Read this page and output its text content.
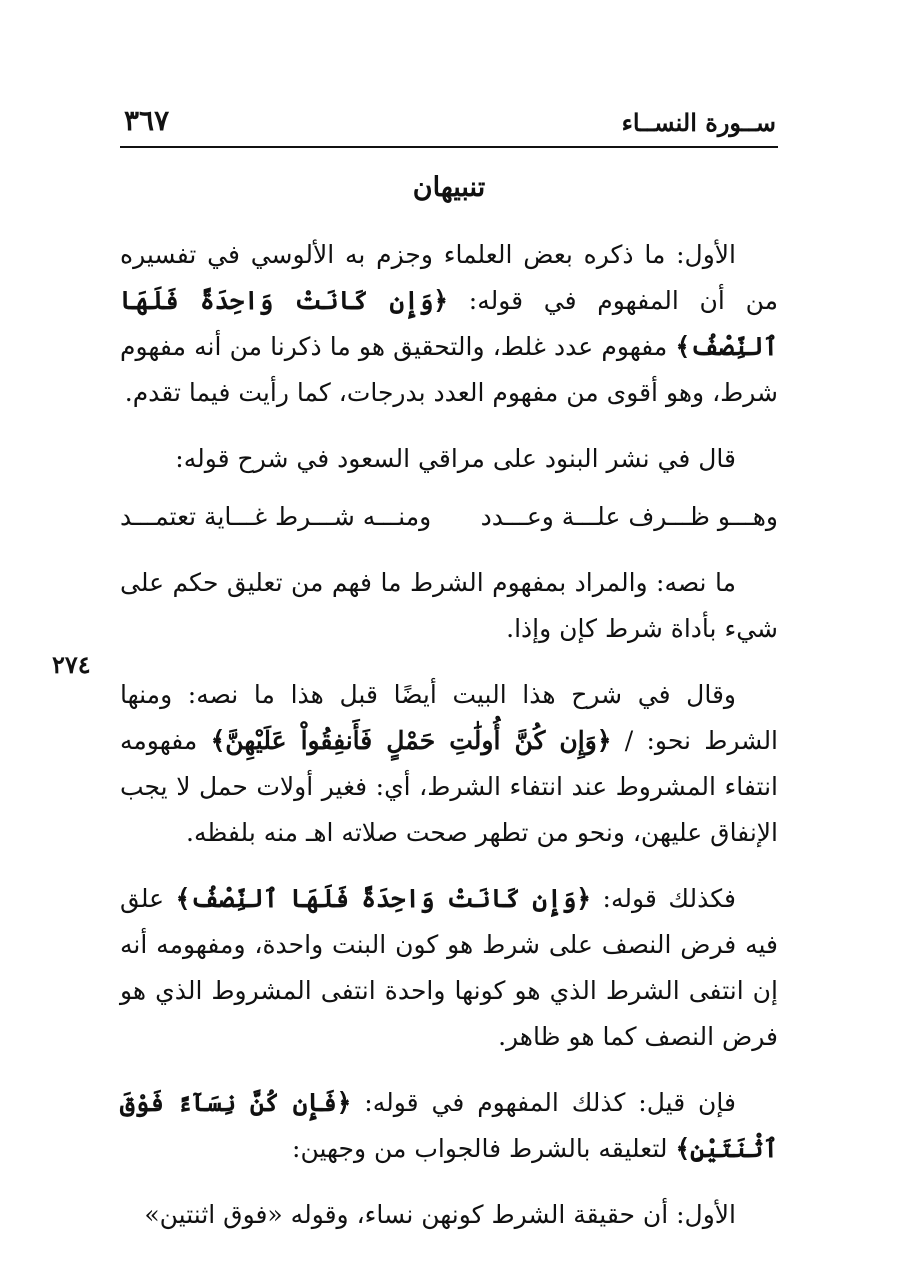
ســورة النســاء
٣٦٧
تنبيهان

الأول: ما ذكره بعض العلماء وجزم به الألوسي في تفسيره من أن المفهوم في قوله: ﴿وَإِن كَانَتْ وَاحِدَةً فَلَهَا ٱلنِّصْفُ﴾ مفهوم عدد غلط، والتحقيق هو ما ذكرنا من أنه مفهوم شرط، وهو أقوى من مفهوم العدد بدرجات، كما رأيت فيما تقدم.

قال في نشر البنود على مراقي السعود في شرح قوله:

وهـــو ظـــرف علـــة وعـــدد
ومنـــه شـــرط غـــاية تعتمـــد

ما نصه: والمراد بمفهوم الشرط ما فهم من تعليق حكم على شيء بأداة شرط كإن وإذا.

وقال في شرح هذا البيت أيضًا قبل هذا ما نصه: ومنها الشرط نحو: / ﴿وَإِن كُنَّ أُولَٰتِ حَمْلٍ فَأَنفِقُواْ عَلَيْهِنَّ﴾ مفهومه انتفاء المشروط عند انتفاء الشرط، أي: فغير أولات حمل لا يجب الإنفاق عليهن، ونحو من تطهر صحت صلاته اهـ منه بلفظه.

فكذلك قوله: ﴿وَإِن كَانَتْ وَاحِدَةً فَلَهَا ٱلنِّصْفُ﴾ علق فيه فرض النصف على شرط هو كون البنت واحدة، ومفهومه أنه إن انتفى الشرط الذي هو كونها واحدة انتفى المشروط الذي هو فرض النصف كما هو ظاهر.

فإن قيل: كذلك المفهوم في قوله: ﴿فَإِن كُنَّ نِسَآءً فَوْقَ ٱثْنَتَيْنِ﴾ لتعليقه بالشرط فالجواب من وجهين:

الأول: أن حقيقة الشرط كونهن نساء، وقوله «فوق اثنتين»

٢٧٤
